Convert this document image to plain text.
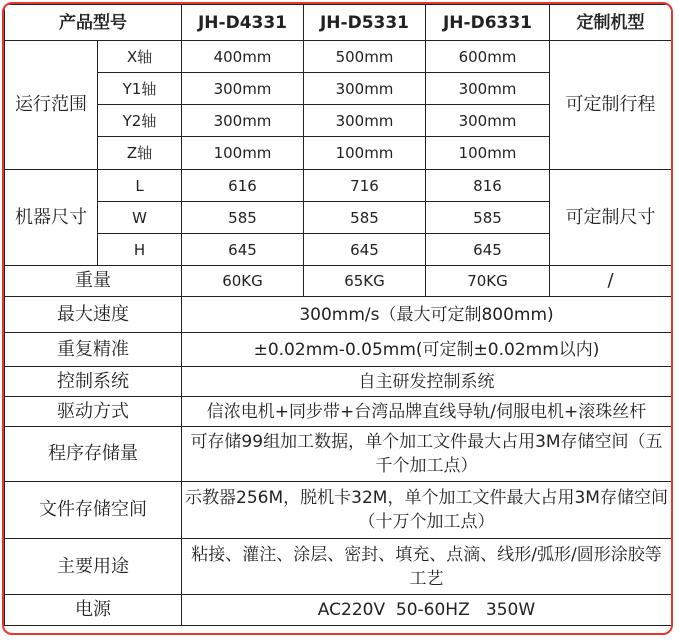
产品型号		JH-D4331	JH-D5331	JH-D6331	定制机型
运行范围	X轴	400mm	500mm	600mm	可定制行程
	Y1轴	300mm	300mm	300mm	
	Y2轴	300mm	300mm	300mm	
	Z轴	100mm	100mm	100mm	
机器尺寸	L	616	716	816	可定制尺寸
	W	585	585	585	
	H	645	645	645	
重量		60KG	65KG	70KG	/
最大速度		300mm/s（最大可定制800mm)			
重复精准		±0.02mm-0.05mm(可定制±0.02mm以内)			
控制系统		自主研发控制系统			
驱动方式		信浓电机+同步带+台湾品牌直线导轨/伺服电机+滚珠丝杆			
程序存储量		可存储99组加工数据，单个加工文件最大占用3M存储空间（五千个加工点）			
文件存储空间		示教器256M，脱机卡32M，单个加工文件最大占用3M存储空间（十万个加工点）			
主要用途		粘接、灌注、涂层、密封、填充、点滴、线形/弧形/圆形涂胶等工艺			
电源		AC220V  50-60HZ   350W			
